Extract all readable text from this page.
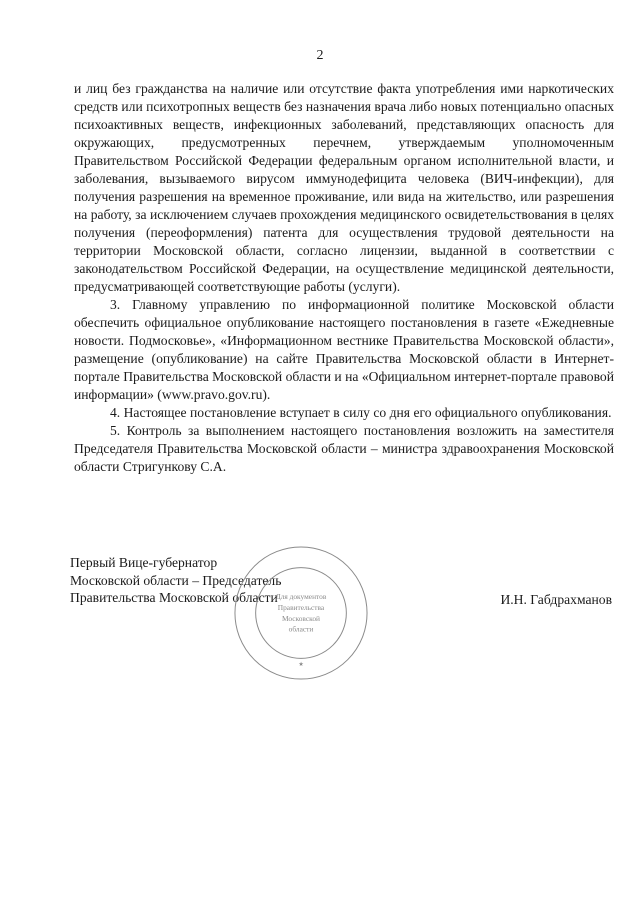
2

и лиц без гражданства на наличие или отсутствие факта употребления ими наркотических средств или психотропных веществ без назначения врача либо новых потенциально опасных психоактивных веществ, инфекционных заболеваний, представляющих опасность для окружающих, предусмотренных перечнем, утверждаемым уполномоченным Правительством Российской Федерации федеральным органом исполнительной власти, и заболевания, вызываемого вирусом иммунодефицита человека (ВИЧ-инфекции), для получения разрешения на временное проживание, или вида на жительство, или разрешения на работу, за исключением случаев прохождения медицинского освидетельствования в целях получения (переоформления) патента для осуществления трудовой деятельности на территории Московской области, согласно лицензии, выданной в соответствии с законодательством Российской Федерации, на осуществление медицинской деятельности, предусматривающей соответствующие работы (услуги).

3. Главному управлению по информационной политике Московской области обеспечить официальное опубликование настоящего постановления в газете «Ежедневные новости. Подмосковье», «Информационном вестнике Правительства Московской области», размещение (опубликование) на сайте Правительства Московской области в Интернет-портале Правительства Московской области и на «Официальном интернет-портале правовой информации» (www.pravo.gov.ru).

4. Настоящее постановление вступает в силу со дня его официального опубликования.

5. Контроль за выполнением настоящего постановления возложить на заместителя Председателя Правительства Московской области – министра здравоохранения Московской области Стригункову С.А.

Первый Вице-губернатор
Московской области – Председатель
Правительства Московской области	И.Н. Габдрахманов
Для документов
Правительства
Московской
области
★
